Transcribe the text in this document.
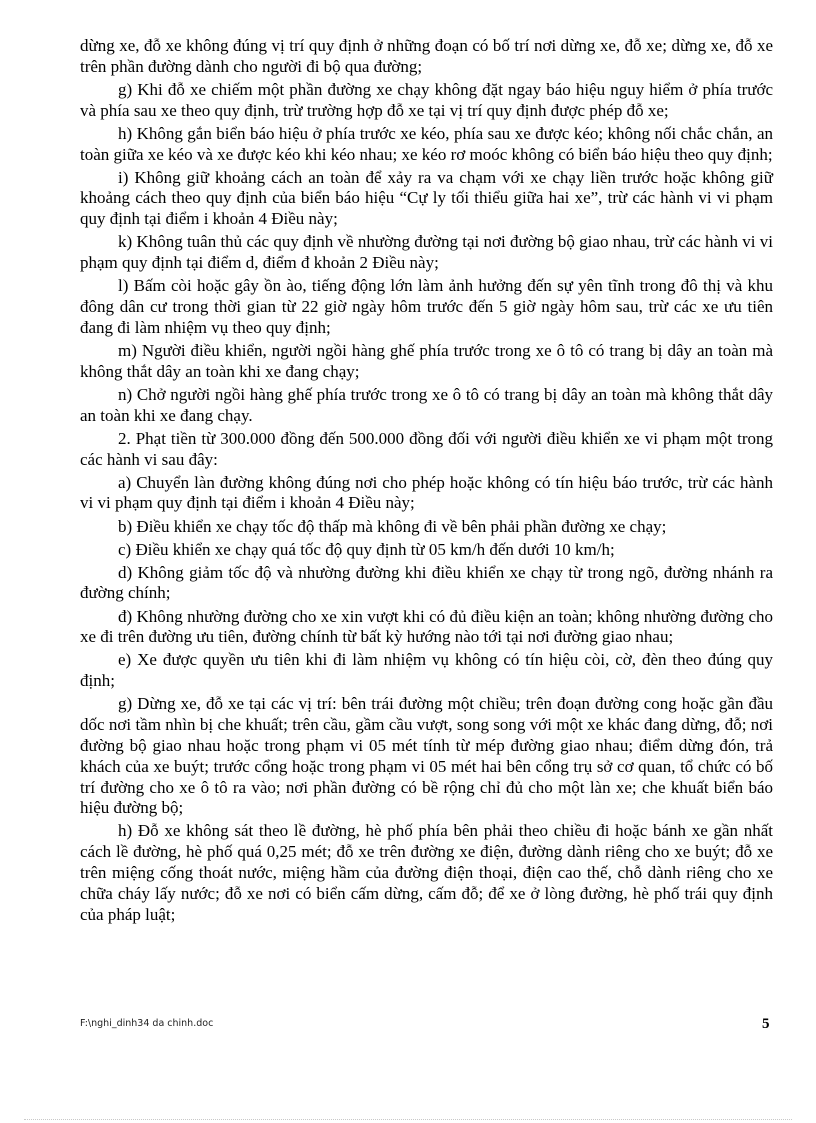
dừng xe, đỗ xe không đúng vị trí quy định ở những đoạn có bố trí nơi dừng xe, đỗ xe; dừng xe, đỗ xe trên phần đường dành cho người đi bộ qua đường;

g) Khi đỗ xe chiếm một phần đường xe chạy không đặt ngay báo hiệu nguy hiểm ở phía trước và phía sau xe theo quy định, trừ trường hợp đỗ xe tại vị trí quy định được phép đỗ xe;

h) Không gắn biển báo hiệu ở phía trước xe kéo, phía sau xe được kéo; không nối chắc chắn, an toàn giữa xe kéo và xe được kéo khi kéo nhau; xe kéo rơ moóc không có biển báo hiệu theo quy định;

i) Không giữ khoảng cách an toàn để xảy ra va chạm với xe chạy liền trước hoặc không giữ khoảng cách theo quy định của biển báo hiệu “Cự ly tối thiểu giữa hai xe”, trừ các hành vi vi phạm quy định tại điểm i khoản 4 Điều này;

k) Không tuân thủ các quy định về nhường đường tại nơi đường bộ giao nhau, trừ các hành vi vi phạm quy định tại điểm d, điểm đ khoản 2 Điều này;

l) Bấm còi hoặc gây ồn ào, tiếng động lớn làm ảnh hưởng đến sự yên tĩnh trong đô thị và khu đông dân cư trong thời gian từ 22 giờ ngày hôm trước đến 5 giờ ngày hôm sau, trừ các xe ưu tiên đang đi làm nhiệm vụ theo quy định;

m) Người điều khiển, người ngồi hàng ghế phía trước trong xe ô tô có trang bị dây an toàn mà không thắt dây an toàn khi xe đang chạy;

n) Chở người ngồi hàng ghế phía trước trong xe ô tô có trang bị dây an toàn mà không thắt dây an toàn khi xe đang chạy.

2. Phạt tiền từ 300.000 đồng đến 500.000 đồng đối với người điều khiển xe vi phạm một trong các hành vi sau đây:

a) Chuyển làn đường không đúng nơi cho phép hoặc không có tín hiệu báo trước, trừ các hành vi vi phạm quy định tại điểm i khoản 4 Điều này;

b) Điều khiển xe chạy tốc độ thấp mà không đi về bên phải phần đường xe chạy;

c) Điều khiển xe chạy quá tốc độ quy định từ 05 km/h đến dưới 10 km/h;

d) Không giảm tốc độ và nhường đường khi điều khiển xe chạy từ trong ngõ, đường nhánh ra đường chính;

đ) Không nhường đường cho xe xin vượt khi có đủ điều kiện an toàn; không nhường đường cho xe đi trên đường ưu tiên, đường chính từ bất kỳ hướng nào tới tại nơi đường giao nhau;

e) Xe được quyền ưu tiên khi đi làm nhiệm vụ không có tín hiệu còi, cờ, đèn theo đúng quy định;

g) Dừng xe, đỗ xe tại các vị trí: bên trái đường một chiều; trên đoạn đường cong hoặc gần đầu dốc nơi tầm nhìn bị che khuất; trên cầu, gầm cầu vượt, song song với một xe khác đang dừng, đỗ; nơi đường bộ giao nhau hoặc trong phạm vi 05 mét tính từ mép đường giao nhau; điểm dừng đón, trả khách của xe buýt; trước cổng hoặc trong phạm vi 05 mét hai bên cổng trụ sở cơ quan, tổ chức có bố trí đường cho xe ô tô ra vào; nơi phần đường có bề rộng chỉ đủ cho một làn xe; che khuất biển báo hiệu đường bộ;

h) Đỗ xe không sát theo lề đường, hè phố phía bên phải theo chiều đi hoặc bánh xe gần nhất cách lề đường, hè phố quá 0,25 mét; đỗ xe trên đường xe điện, đường dành riêng cho xe buýt; đỗ xe trên miệng cống thoát nước, miệng hầm của đường điện thoại, điện cao thế, chỗ dành riêng cho xe chữa cháy lấy nước; đỗ xe nơi có biển cấm dừng, cấm đỗ; để xe ở lòng đường, hè phố trái quy định của pháp luật;

F:\nghi_dinh34 da chinh.doc	5
